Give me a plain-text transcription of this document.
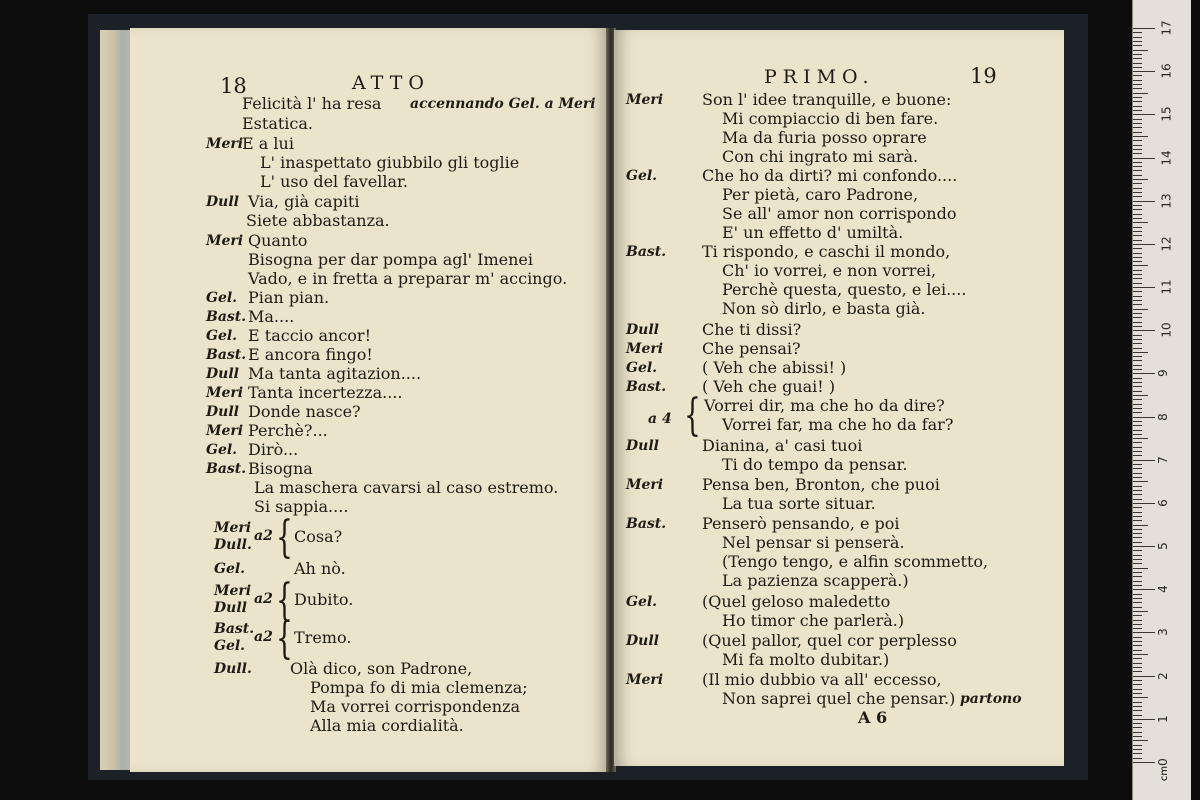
18	ATTO
Felicità l' ha resa accennando Gel. a Meri
Estatica.
Meri
E a lui
L' inaspettato giubbilo gli toglie
L' uso del favellar.
Dull Via, già capiti
Siete abbastanza.
Meri Quanto
Bisogna per dar pompa agl' Imenei
Vado, e in fretta a preparar m' accingo.
Gel. Pian pian.
Bast. Ma....
Gel. E taccio ancor!
Bast. E ancora fingo!
Dull Ma tanta agitazion....
Meri Tanta incertezza....
Dull Donde nasce?
Meri Perchè?...
Gel. Dirò...
Bast. Bisogna
La maschera cavarsi al caso estremo.
Si sappia....
Meri
Dull.
a2 { Cosa?
Gel.	Ah nò.
Meri
Dull
a2 { Dubito.
Bast.
Gel.
a2 { Tremo.
Dull. Olà dico, son Padrone,
Pompa fo di mia clemenza;
Ma vorrei corrispondenza
Alla mia cordialità.
PRIMO.	19
Meri Son l' idee tranquille, e buone:
Mi compiaccio di ben fare.
Ma da furia posso oprare
Con chi ingrato mi sarà.
Gel.	Che ho da dirti? mi confondo....
Per pietà, caro Padrone,
Se all' amor non corrispondo
E' un effetto d' umiltà.
Bast. Ti rispondo, e caschi il mondo,
Ch' io vorrei, e non vorrei,
Perchè questa, questo, e lei....
Non sò dirlo, e basta già.
Dull	Che ti dissi?
Meri Che pensai?
Gel.	( Veh che abissi! )
Bast. ( Veh che guai! )
a 4 { Vorrei dir, ma che ho da dire?
Vorrei far, ma che ho da far?
Dull	Dianina, a' casi tuoi
Ti do tempo da pensar.
Meri Pensa ben, Bronton, che puoi
La tua sorte situar.
Bast. Penserò pensando, e poi
Nel pensar si penserà.
(Tengo tengo, e alfin scommetto,
La pazienza scapperà.)
Gel.	(Quel geloso maledetto
Ho timor che parlerà.)
Dull	(Quel pallor, quel cor perplesso
Mi fa molto dubitar.)
Meri (Il mio dubbio va all' eccesso,
Non saprei quel che pensar.) partono
A 6
17
16
15
14
13
12
11
10
9
8
7
6
5
4
3
2
1
0
cm
